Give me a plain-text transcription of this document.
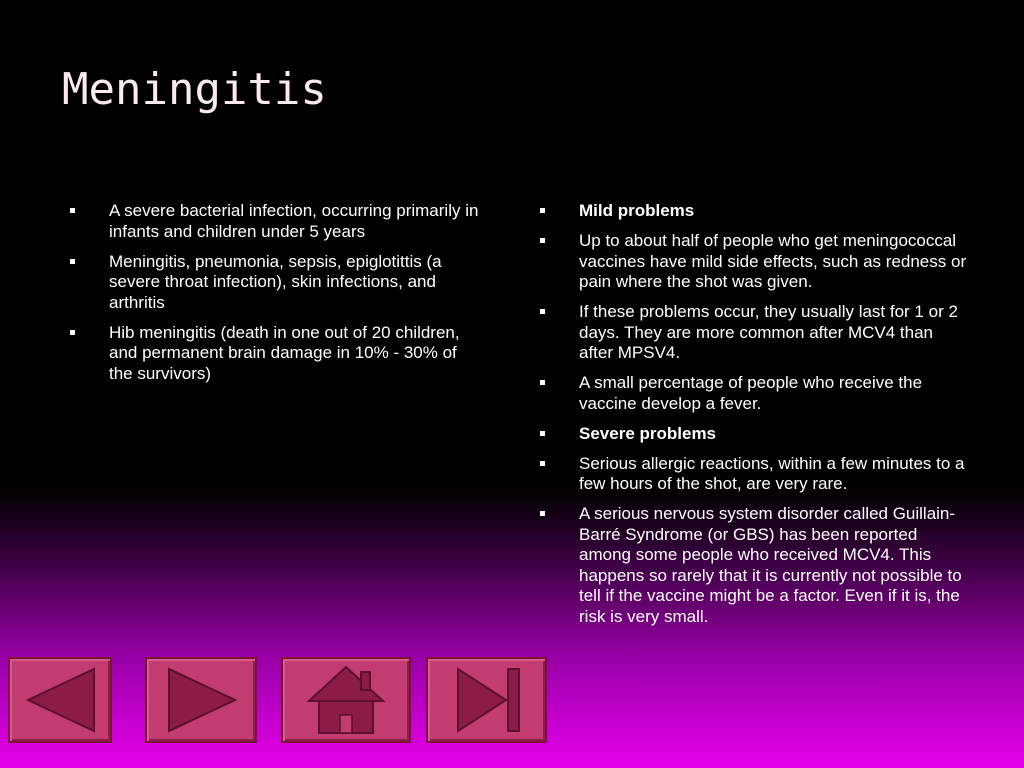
Meningitis
A severe bacterial infection, occurring primarily in infants and children under 5 years
Meningitis, pneumonia, sepsis, epiglotittis (a severe throat infection), skin infections, and arthritis
Hib meningitis (death in one out of 20 children, and permanent brain damage in 10% - 30% of the survivors)
Mild problems
Up to about half of people who get meningococcal vaccines have mild side effects, such as redness or pain where the shot was given.
If these problems occur, they usually last for 1 or 2 days. They are more common after MCV4 than after MPSV4.
A small percentage of people who receive the vaccine develop a fever.
Severe problems
Serious allergic reactions, within a few minutes to a few hours of the shot, are very rare.
A serious nervous system disorder called Guillain-Barré Syndrome (or GBS) has been reported among some people who received MCV4. This happens so rarely that it is currently not possible to tell if the vaccine might be a factor. Even if it is, the risk is very small.
